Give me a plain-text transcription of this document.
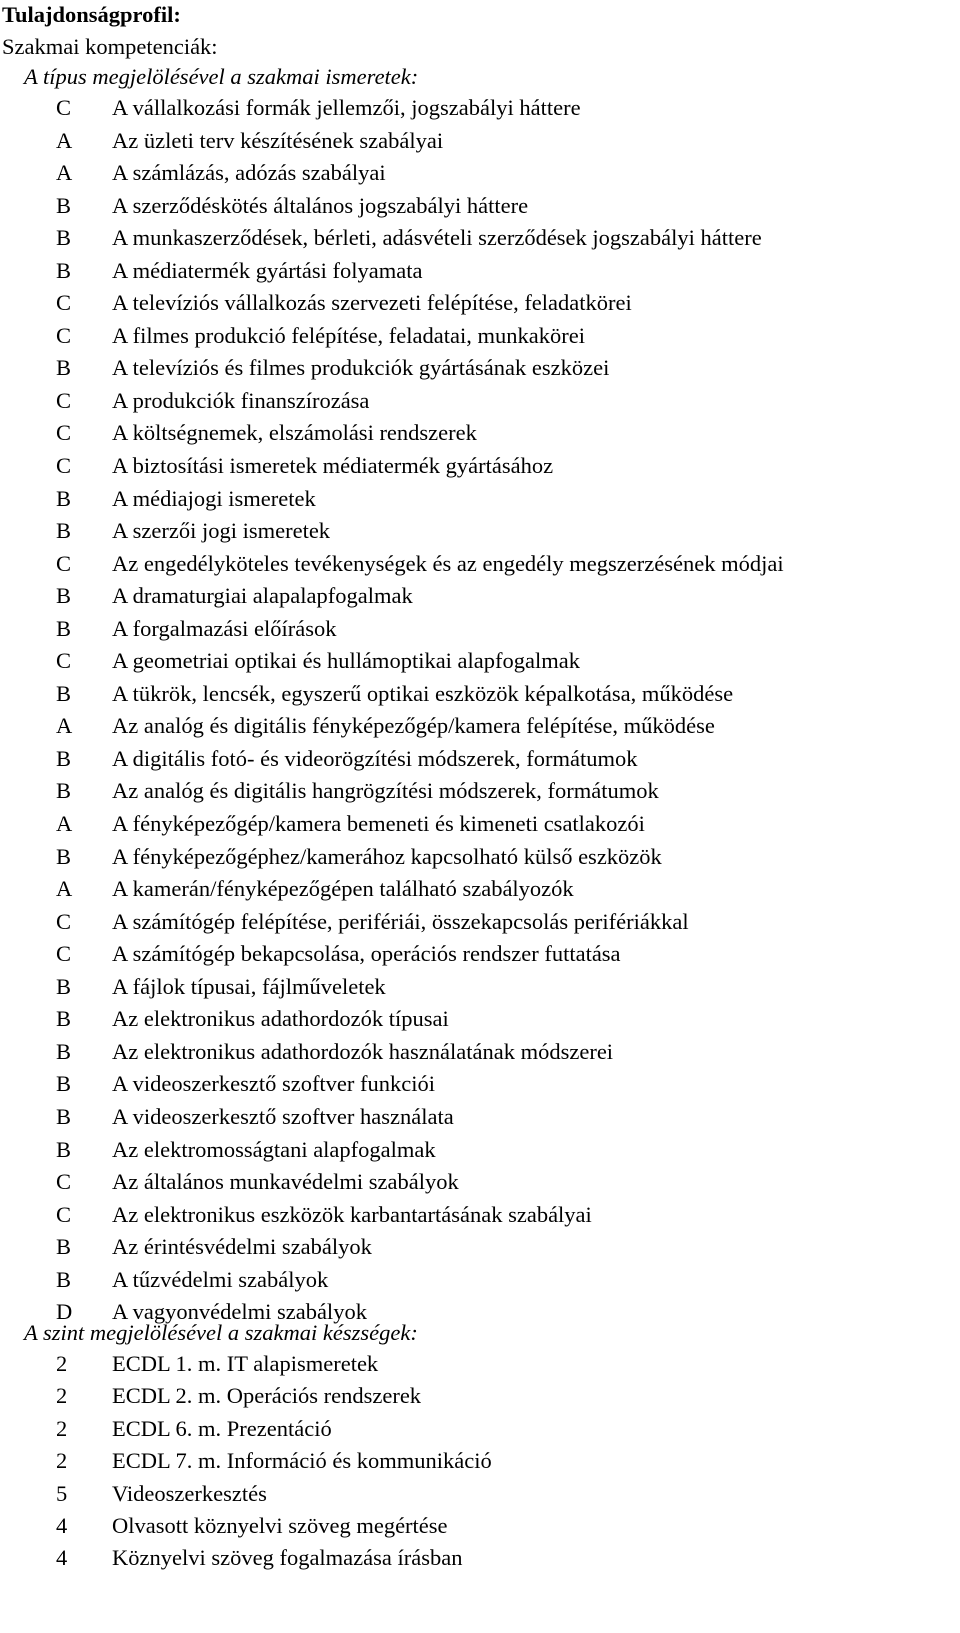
Tulajdonságprofil:
Szakmai kompetenciák:
A típus megjelölésével a szakmai ismeretek:
C A vállalkozási formák jellemzői, jogszabályi háttere
A Az üzleti terv készítésének szabályai
A A számlázás, adózás szabályai
B A szerződéskötés általános jogszabályi háttere
B A munkaszerződések, bérleti, adásvételi szerződések jogszabályi háttere
B A médiatermék gyártási folyamata
C A televíziós vállalkozás szervezeti felépítése, feladatkörei
C A filmes produkció felépítése, feladatai, munkakörei
B A televíziós és filmes produkciók gyártásának eszközei
C A produkciók finanszírozása
C A költségnemek, elszámolási rendszerek
C A biztosítási ismeretek médiatermék gyártásához
B A médiajogi ismeretek
B A szerzői jogi ismeretek
C Az engedélyköteles tevékenységek és az engedély megszerzésének módjai
B A dramaturgiai alapalapfogalmak
B A forgalmazási előírások
C A geometriai optikai és hullámoptikai alapfogalmak
B A tükrök, lencsék, egyszerű optikai eszközök képalkotása, működése
A Az analóg és digitális fényképezőgép/kamera felépítése, működése
B A digitális fotó- és videorögzítési módszerek, formátumok
B Az analóg és digitális hangrögzítési módszerek, formátumok
A A fényképezőgép/kamera bemeneti és kimeneti csatlakozói
B A fényképezőgéphez/kamerához kapcsolható külső eszközök
A A kamerán/fényképezőgépen található szabályozók
C A számítógép felépítése, perifériái, összekapcsolás perifériákkal
C A számítógép bekapcsolása, operációs rendszer futtatása
B A fájlok típusai, fájlműveletek
B Az elektronikus adathordozók típusai
B Az elektronikus adathordozók használatának módszerei
B A videoszerkesztő szoftver funkciói
B A videoszerkesztő szoftver használata
B Az elektromosságtani alapfogalmak
C Az általános munkavédelmi szabályok
C Az elektronikus eszközök karbantartásának szabályai
B Az érintésvédelmi szabályok
B A tűzvédelmi szabályok
D A vagyonvédelmi szabályok
A szint megjelölésével a szakmai készségek:
2 ECDL 1. m. IT alapismeretek
2 ECDL 2. m. Operációs rendszerek
2 ECDL 6. m. Prezentáció
2 ECDL 7. m. Információ és kommunikáció
5 Videoszerkesztés
4 Olvasott köznyelvi szöveg megértése
4 Köznyelvi szöveg fogalmazása írásban
